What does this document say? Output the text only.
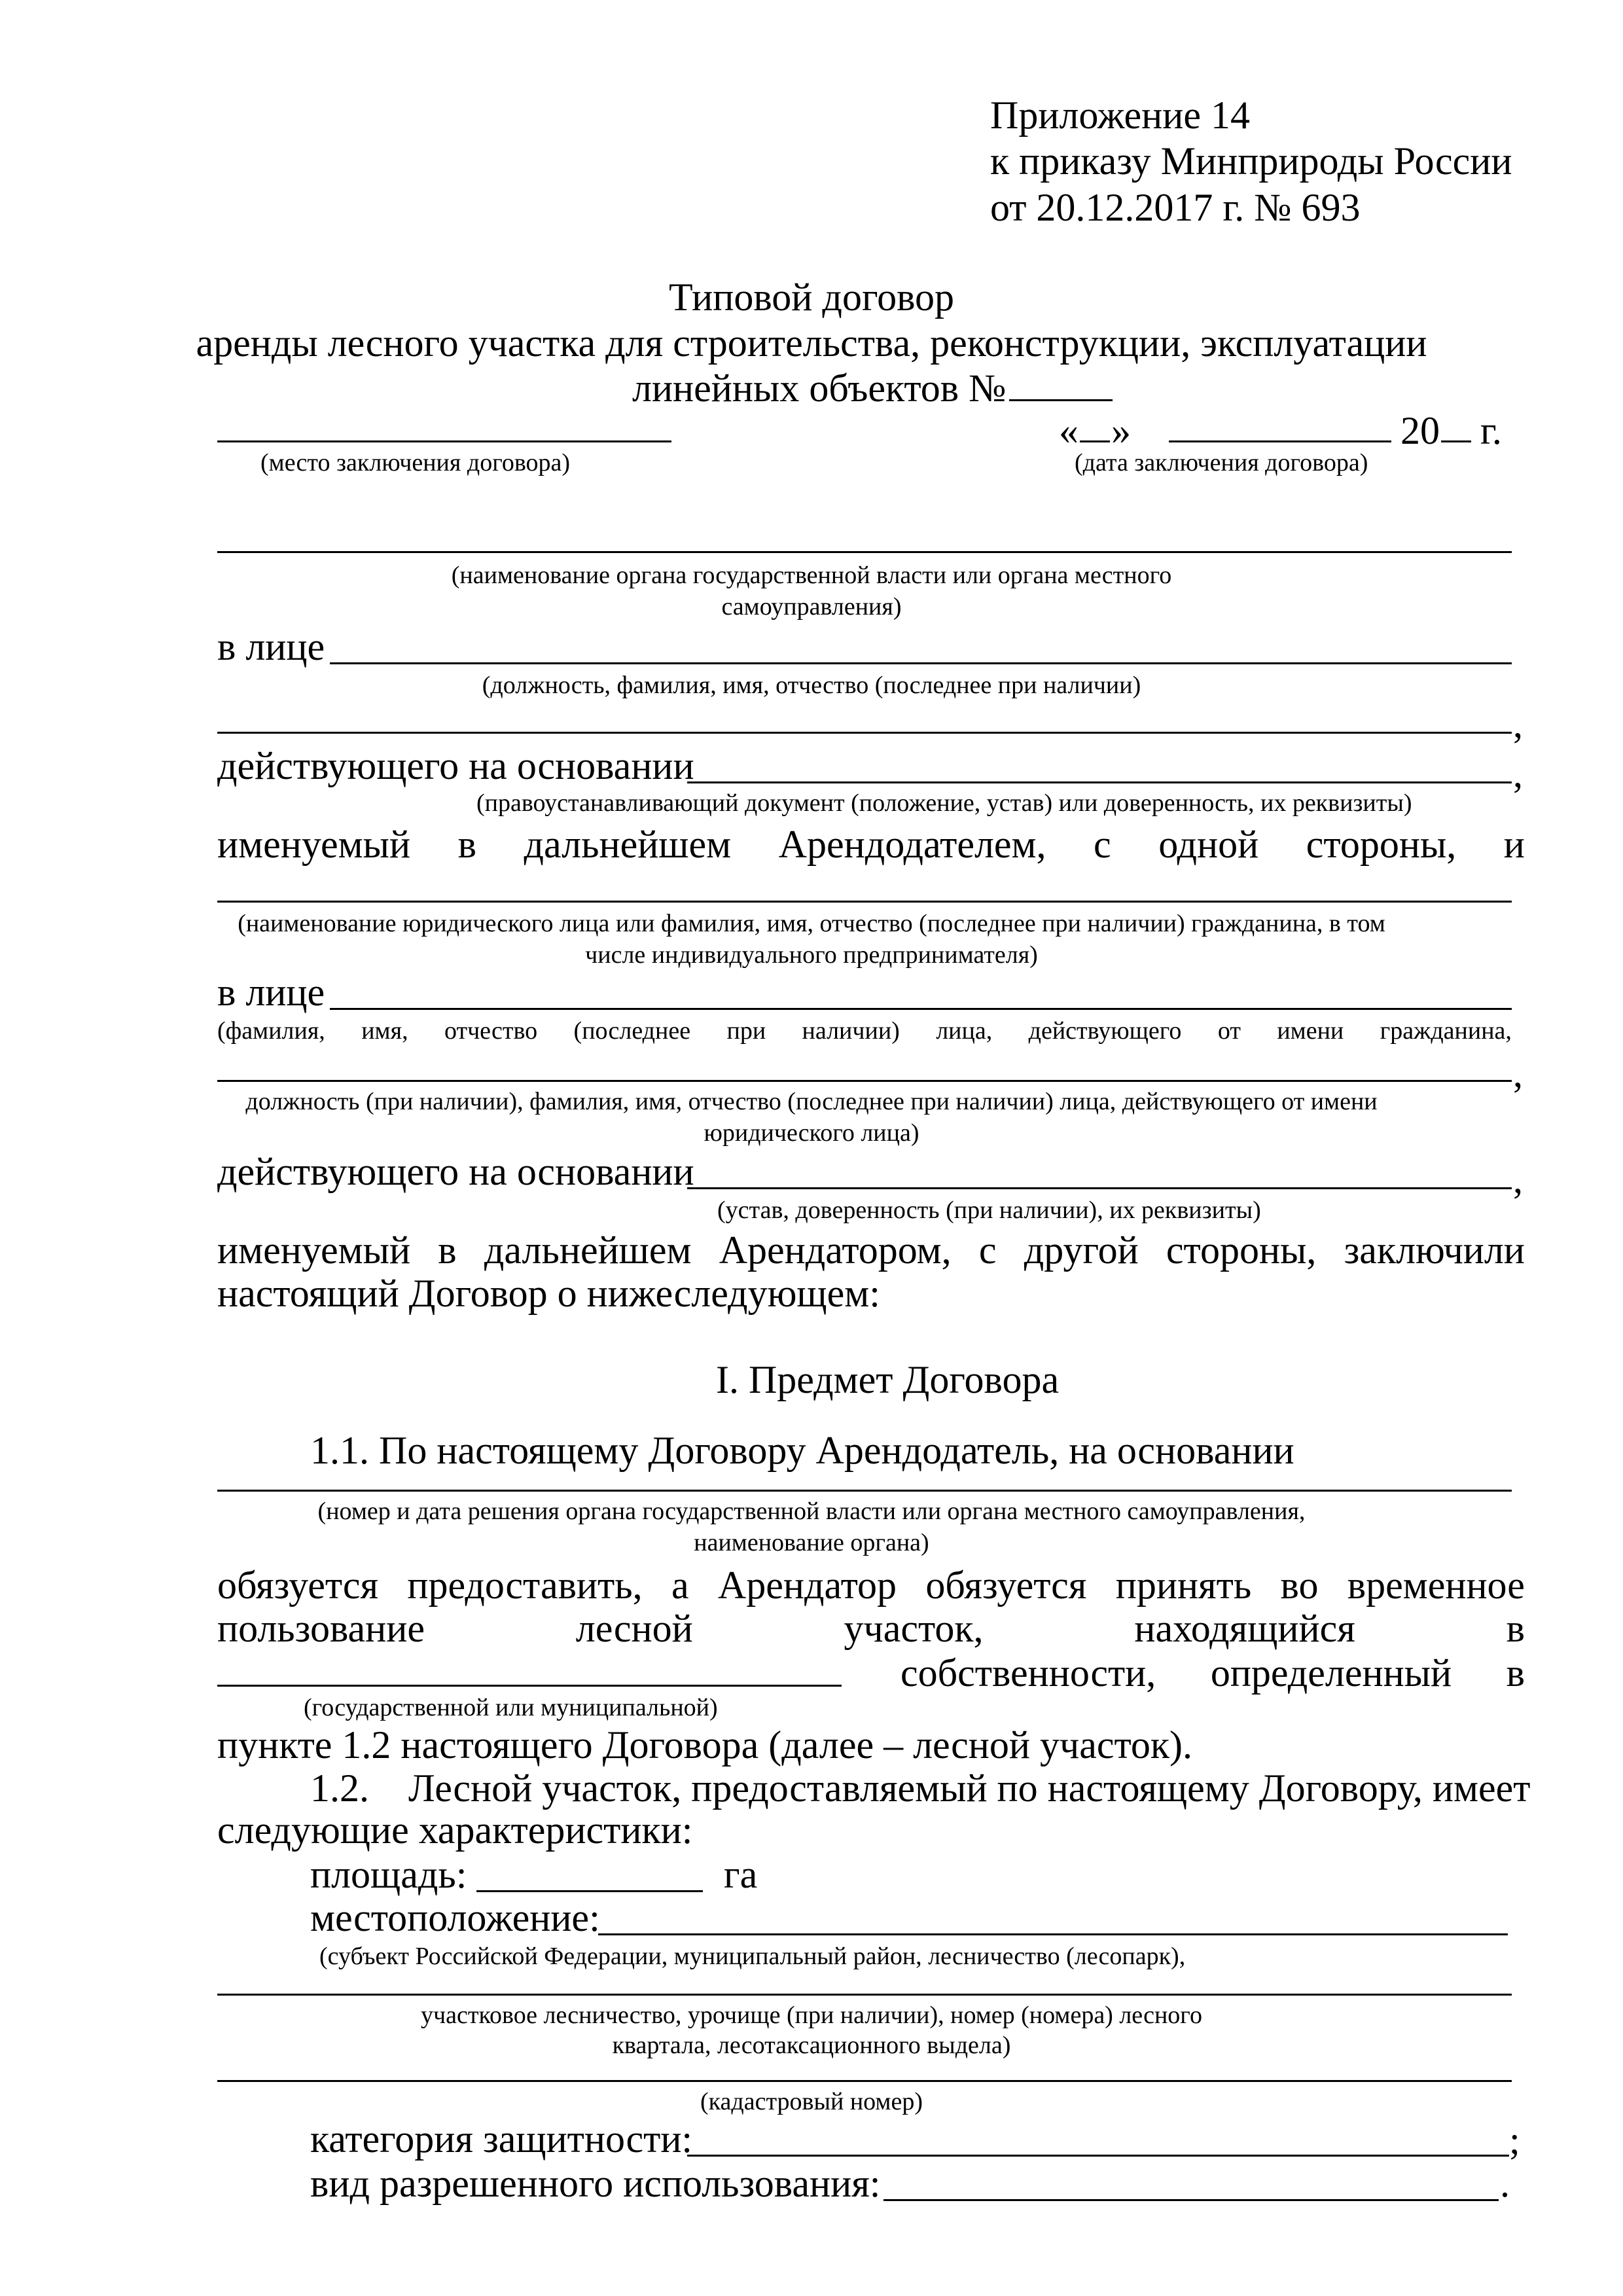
Приложение 14
к приказу Минприроды России
от 20.12.2017 г. № 693
Типовой договор
аренды лесного участка для строительства, реконструкции, эксплуатации
линейных объектов №
« »	20 г.
(место заключения договора)	(дата заключения договора)
(наименование органа государственной власти или органа местного
самоуправления)
в лице
(должность, фамилия, имя, отчество (последнее при наличии)
,
действующего на основании	,
(правоустанавливающий документ (положение, устав) или доверенность, их реквизиты)
именуемый в дальнейшем Арендодателем, с одной стороны, и
(наименование юридического лица или фамилия, имя, отчество (последнее при наличии) гражданина, в том
числе индивидуального предпринимателя)
в лице
(фамилия, имя, отчество (последнее при наличии) лица, действующего от имени гражданина,
,
должность (при наличии), фамилия, имя, отчество (последнее при наличии) лица, действующего от имени
юридического лица)
действующего на основании	,
(устав, доверенность (при наличии), их реквизиты)
именуемый в дальнейшем Арендатором, с другой стороны, заключили
настоящий Договор о нижеследующем:
I. Предмет Договора
1.1. По настоящему Договору Арендодатель, на основании
(номер и дата решения органа государственной власти или органа местного самоуправления,
наименование органа)
обязуется предоставить, а Арендатор обязуется принять во временное
пользование	лесной	участок,	находящийся	в
собственности, определенный в
(государственной или муниципальной)
пункте 1.2 настоящего Договора (далее – лесной участок).
1.2. Лесной участок, предоставляемый по настоящему Договору, имеет
следующие характеристики:
площадь:	га
местоположение:
(субъект Российской Федерации, муниципальный район, лесничество (лесопарк),
участковое лесничество, урочище (при наличии), номер (номера) лесного
квартала, лесотаксационного выдела)
(кадастровый номер)
категория защитности:	;
вид разрешенного использования:	.
